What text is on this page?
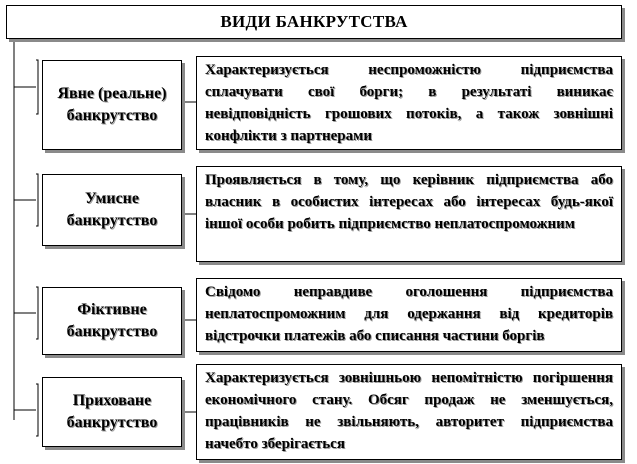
ВИДИ БАНКРУТСТВА
Явне (реальне) банкрутство
Характеризується неспроможністю підприємства сплачувати свої борги; в результаті виникає невідповідність грошових потоків, а також зовнішні конфлікти з партнерами
Умисне банкрутство
Проявляється в тому, що керівник підприємства або власник в особистих інтересах або інтересах будь-якої іншої особи робить підприємство неплатоспроможним
Фіктивне банкрутство
Свідомо неправдиве оголошення підприємства неплатоспроможним для одержання від кредиторів відстрочки платежів або списання частини боргів
Приховане банкрутство
Характеризується зовнішньою непомітністю погіршення економічного стану. Обсяг продаж не зменшується, працівників не звільняють, авторитет підприємства начебто зберігається
